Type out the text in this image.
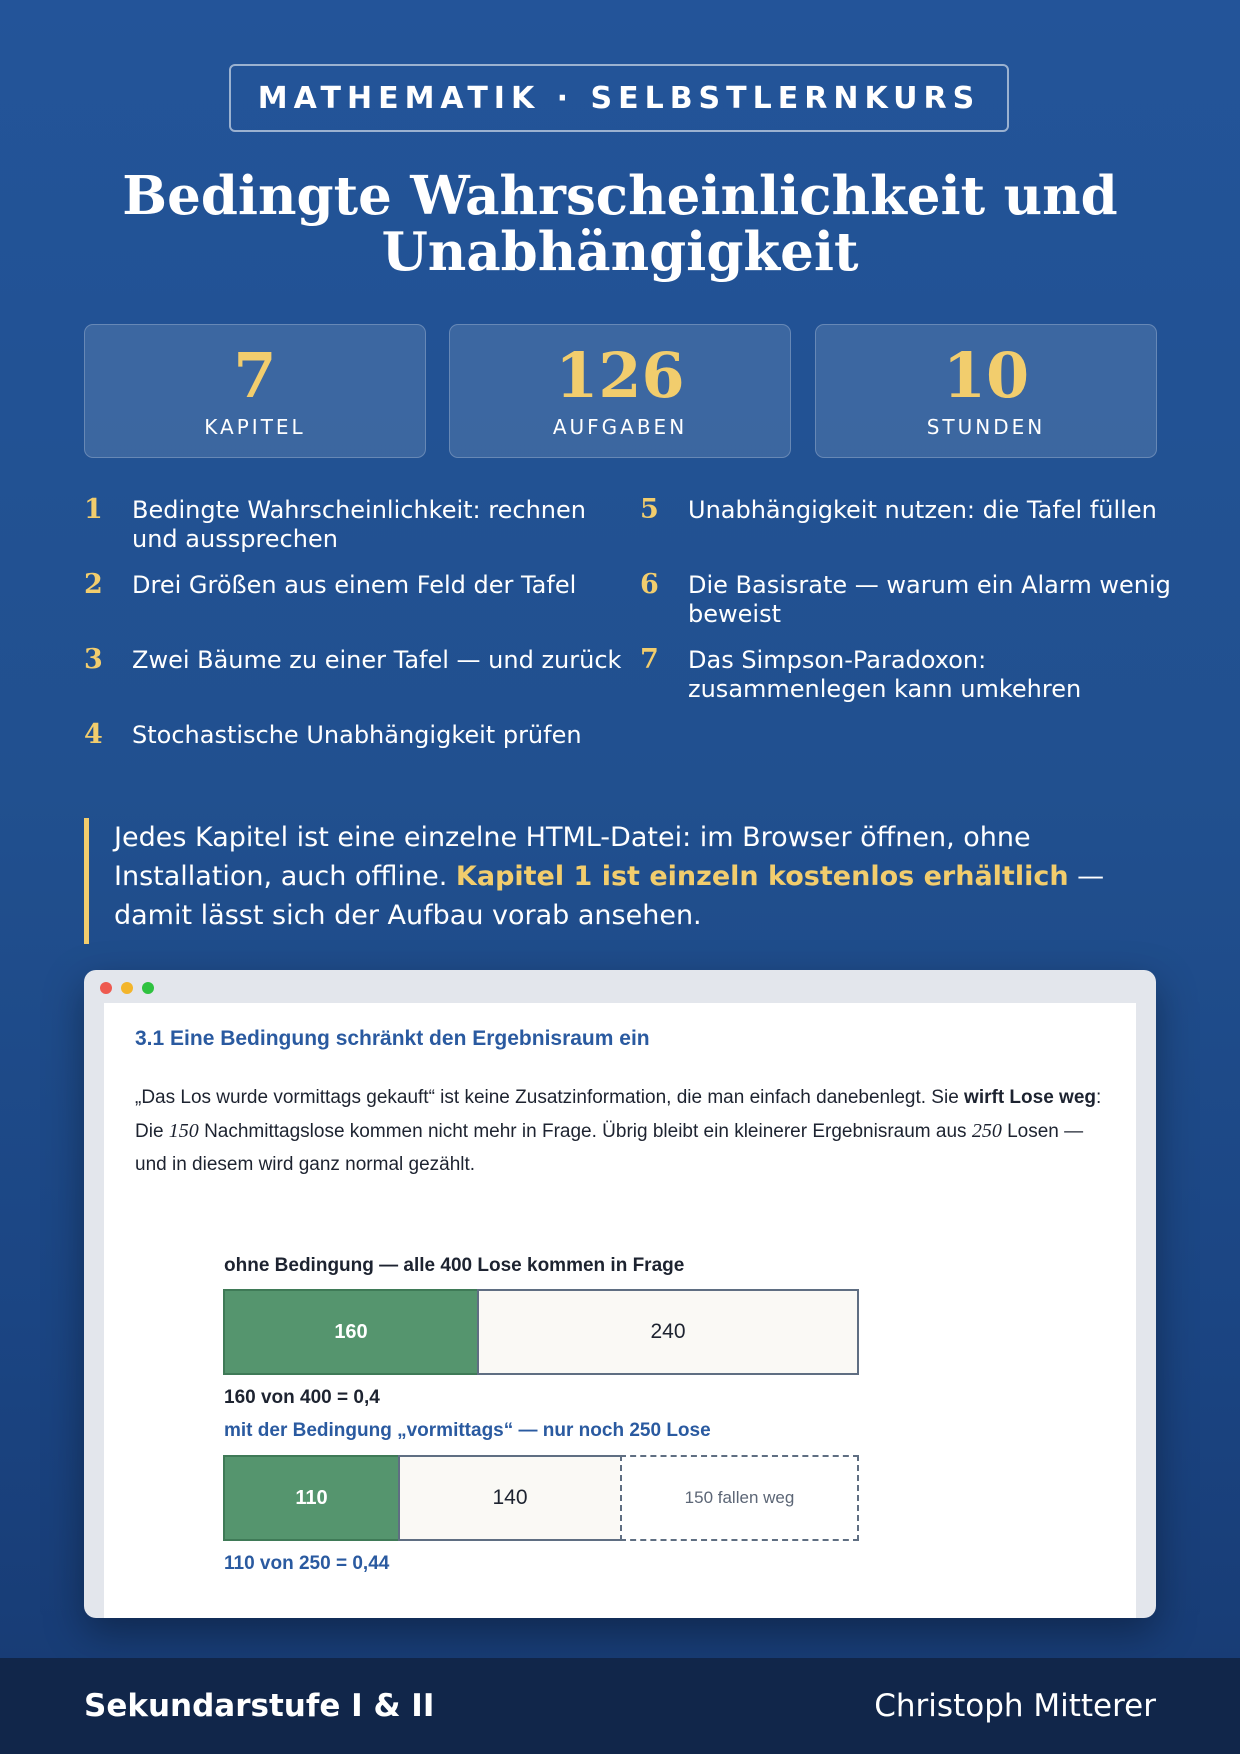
MATHEMATIK · SELBSTLERNKURS
Bedingte Wahrscheinlichkeit und Unabhängigkeit
7
KAPITEL
126
AUFGABEN
10
STUNDEN
1 Bedingte Wahrscheinlichkeit: rechnen und aussprechen
2 Drei Größen aus einem Feld der Tafel
3 Zwei Bäume zu einer Tafel — und zurück
4 Stochastische Unabhängigkeit prüfen
5 Unabhängigkeit nutzen: die Tafel füllen
6 Die Basisrate — warum ein Alarm wenig beweist
7 Das Simpson-Paradoxon: zusammenlegen kann umkehren
Jedes Kapitel ist eine einzelne HTML-Datei: im Browser öffnen, ohne Installation, auch offline. Kapitel 1 ist einzeln kostenlos erhältlich — damit lässt sich der Aufbau vorab ansehen.
3.1 Eine Bedingung schränkt den Ergebnisraum ein

„Das Los wurde vormittags gekauft“ ist keine Zusatzinformation, die man einfach danebenlegt. Sie wirft Lose weg: Die 150 Nachmittagslose kommen nicht mehr in Frage. Übrig bleibt ein kleinerer Ergebnisraum aus 250 Losen — und in diesem wird ganz normal gezählt.

ohne Bedingung — alle 400 Lose kommen in Frage
160	240
160 von 400 = 0,4
mit der Bedingung „vormittags“ — nur noch 250 Lose
110	140	150 fallen weg
110 von 250 = 0,44
Sekundarstufe I & II	Christoph Mitterer
